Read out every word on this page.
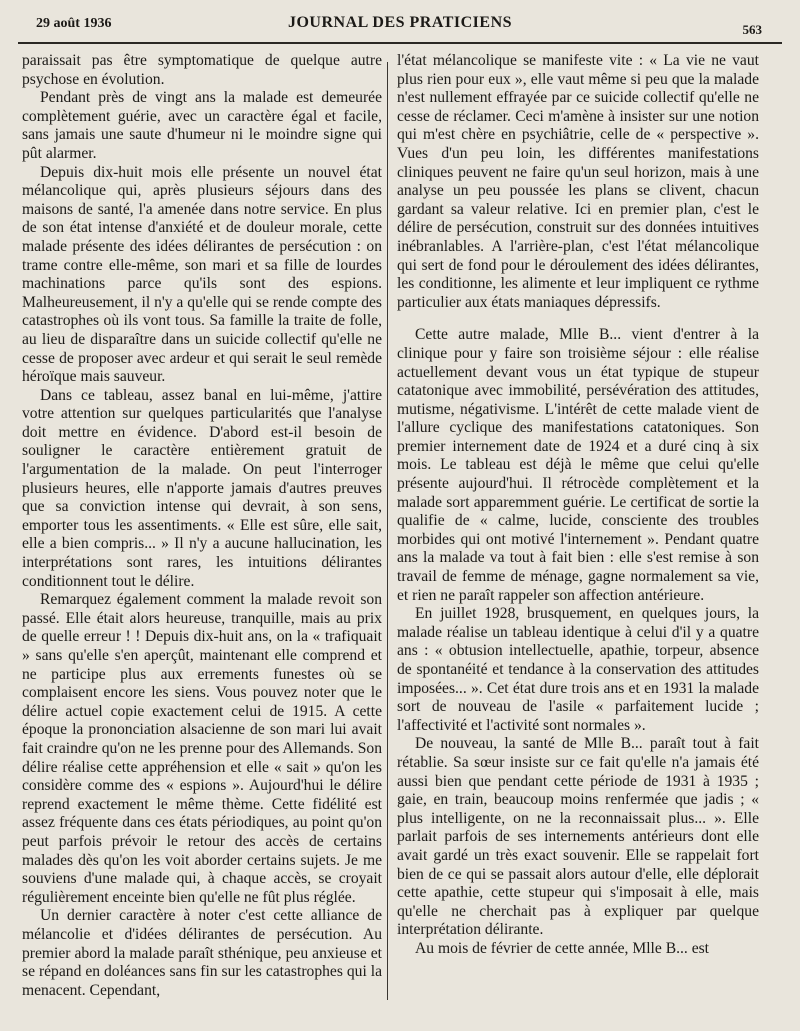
29 août 1936	JOURNAL DES PRATICIENS	563

paraissait pas être symptomatique de quelque autre psychose en évolution.

Pendant près de vingt ans la malade est demeurée complètement guérie, avec un caractère égal et facile, sans jamais une saute d'humeur ni le moindre signe qui pût alarmer.

Depuis dix-huit mois elle présente un nouvel état mélancolique qui, après plusieurs séjours dans des maisons de santé, l'a amenée dans notre service. En plus de son état intense d'anxiété et de douleur morale, cette malade présente des idées délirantes de persécution : on trame contre elle-même, son mari et sa fille de lourdes machinations parce qu'ils sont des espions. Malheureusement, il n'y a qu'elle qui se rende compte des catastrophes où ils vont tous. Sa famille la traite de folle, au lieu de disparaître dans un suicide collectif qu'elle ne cesse de proposer avec ardeur et qui serait le seul remède héroïque mais sauveur.

Dans ce tableau, assez banal en lui-même, j'attire votre attention sur quelques particularités que l'analyse doit mettre en évidence. D'abord est-il besoin de souligner le caractère entièrement gratuit de l'argumentation de la malade. On peut l'interroger plusieurs heures, elle n'apporte jamais d'autres preuves que sa conviction intense qui devrait, à son sens, emporter tous les assentiments. « Elle est sûre, elle sait, elle a bien compris... » Il n'y a aucune hallucination, les interprétations sont rares, les intuitions délirantes conditionnent tout le délire.

Remarquez également comment la malade revoit son passé. Elle était alors heureuse, tranquille, mais au prix de quelle erreur ! ! Depuis dix-huit ans, on la « trafiquait » sans qu'elle s'en aperçût, maintenant elle comprend et ne participe plus aux errements funestes où se complaisent encore les siens. Vous pouvez noter que le délire actuel copie exactement celui de 1915. A cette époque la prononciation alsacienne de son mari lui avait fait craindre qu'on ne les prenne pour des Allemands. Son délire réalise cette appréhension et elle « sait » qu'on les considère comme des « espions ». Aujourd'hui le délire reprend exactement le même thème. Cette fidélité est assez fréquente dans ces états périodiques, au point qu'on peut parfois prévoir le retour des accès de certains malades dès qu'on les voit aborder certains sujets. Je me souviens d'une malade qui, à chaque accès, se croyait régulièrement enceinte bien qu'elle ne fût plus réglée.

Un dernier caractère à noter c'est cette alliance de mélancolie et d'idées délirantes de persécution. Au premier abord la malade paraît sthénique, peu anxieuse et se répand en doléances sans fin sur les catastrophes qui la menacent. Cependant,

l'état mélancolique se manifeste vite : « La vie ne vaut plus rien pour eux », elle vaut même si peu que la malade n'est nullement effrayée par ce suicide collectif qu'elle ne cesse de réclamer. Ceci m'amène à insister sur une notion qui m'est chère en psychiâtrie, celle de « perspective ». Vues d'un peu loin, les différentes manifestations cliniques peuvent ne faire qu'un seul horizon, mais à une analyse un peu poussée les plans se clivent, chacun gardant sa valeur relative. Ici en premier plan, c'est le délire de persécution, construit sur des données intuitives inébranlables. A l'arrière-plan, c'est l'état mélancolique qui sert de fond pour le déroulement des idées délirantes, les conditionne, les alimente et leur impliquent ce rythme particulier aux états maniaques dépressifs.

Cette autre malade, Mlle B... vient d'entrer à la clinique pour y faire son troisième séjour : elle réalise actuellement devant vous un état typique de stupeur catatonique avec immobilité, persévération des attitudes, mutisme, négativisme. L'intérêt de cette malade vient de l'allure cyclique des manifestations catatoniques. Son premier internement date de 1924 et a duré cinq à six mois. Le tableau est déjà le même que celui qu'elle présente aujourd'hui. Il rétrocède complètement et la malade sort apparemment guérie. Le certificat de sortie la qualifie de « calme, lucide, consciente des troubles morbides qui ont motivé l'internement ». Pendant quatre ans la malade va tout à fait bien : elle s'est remise à son travail de femme de ménage, gagne normalement sa vie, et rien ne paraît rappeler son affection antérieure.

En juillet 1928, brusquement, en quelques jours, la malade réalise un tableau identique à celui d'il y a quatre ans : « obtusion intellectuelle, apathie, torpeur, absence de spontanéité et tendance à la conservation des attitudes imposées... ». Cet état dure trois ans et en 1931 la malade sort de nouveau de l'asile « parfaitement lucide ; l'affectivité et l'activité sont normales ».

De nouveau, la santé de Mlle B... paraît tout à fait rétablie. Sa sœur insiste sur ce fait qu'elle n'a jamais été aussi bien que pendant cette période de 1931 à 1935 ; gaie, en train, beaucoup moins renfermée que jadis ; « plus intelligente, on ne la reconnaissait plus... ». Elle parlait parfois de ses internements antérieurs dont elle avait gardé un très exact souvenir. Elle se rappelait fort bien de ce qui se passait alors autour d'elle, elle déplorait cette apathie, cette stupeur qui s'imposait à elle, mais qu'elle ne cherchait pas à expliquer par quelque interprétation délirante.

Au mois de février de cette année, Mlle B... est
